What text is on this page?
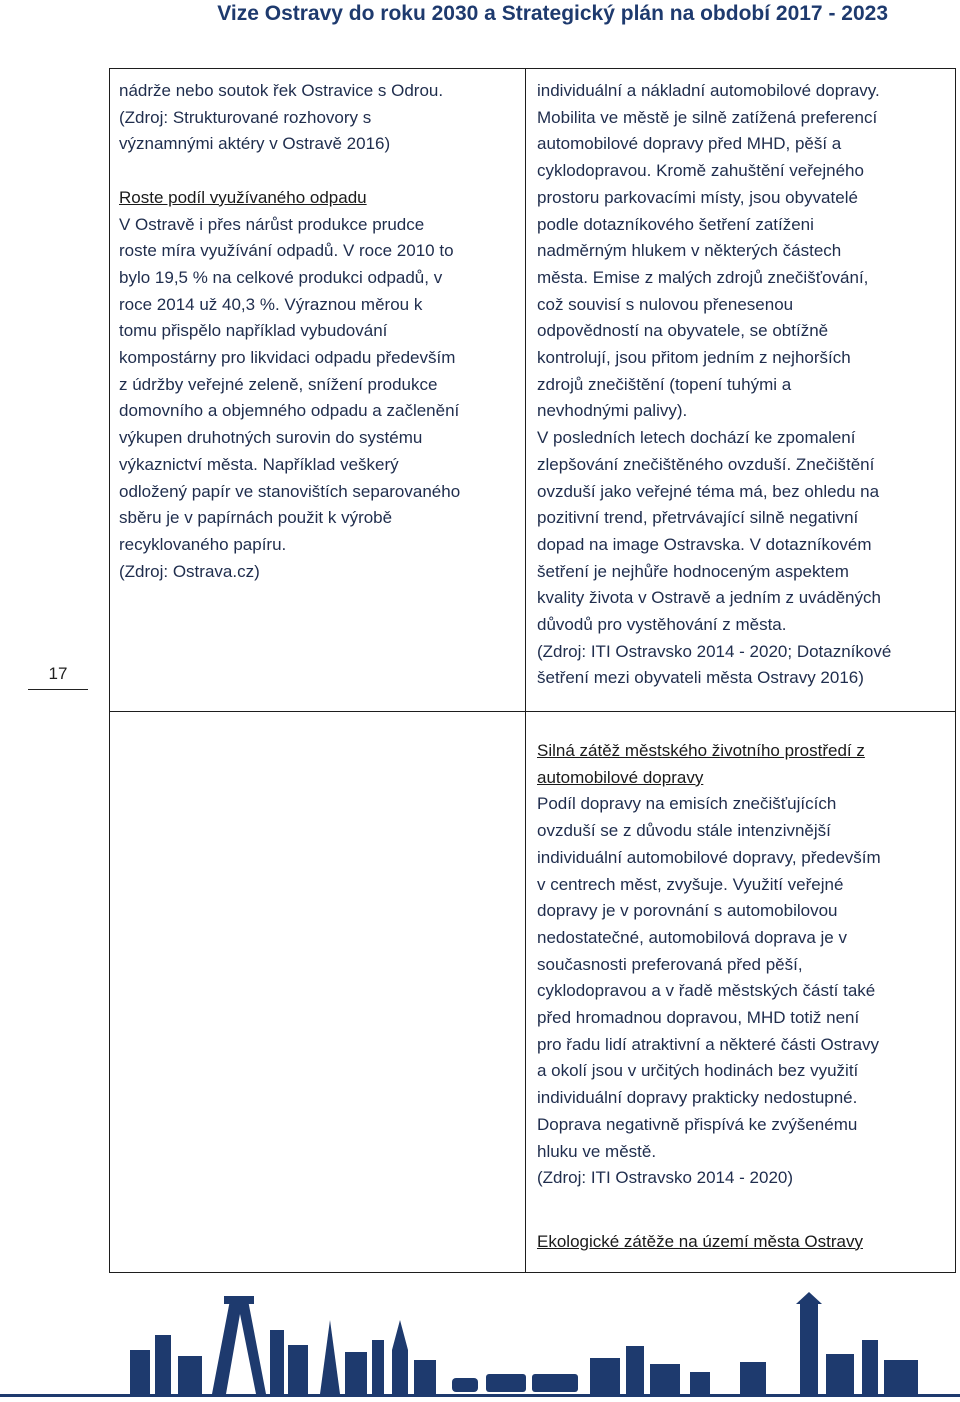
Vize Ostravy do roku 2030 a Strategický plán na období 2017 - 2023
17

nádrže nebo soutok řek Ostravice s Odrou.

(Zdroj: Strukturované rozhovory s

významnými aktéry v Ostravě 2016)

Roste podíl využívaného odpadu

V Ostravě i přes nárůst produkce prudce

roste míra využívání odpadů. V roce 2010 to

bylo 19,5 % na celkové produkci odpadů, v

roce 2014 už 40,3 %. Výraznou měrou k

tomu přispělo například vybudování

kompostárny pro likvidaci odpadu především

z údržby veřejné zeleně, snížení produkce

domovního a objemného odpadu a začlenění

výkupen druhotných surovin do systému

výkaznictví města. Například veškerý

odložený papír ve stanovištích separovaného

sběru je v papírnách použit k výrobě

recyklovaného papíru.

(Zdroj: Ostrava.cz)

individuální a nákladní automobilové dopravy.

Mobilita ve městě je silně zatížená preferencí

automobilové dopravy před MHD, pěší a

cyklodopravou. Kromě zahuštění veřejného

prostoru parkovacími místy, jsou obyvatelé

podle dotazníkového šetření zatíženi

nadměrným hlukem v některých částech

města. Emise z malých zdrojů znečišťování,

což souvisí s nulovou přenesenou

odpovědností na obyvatele, se obtížně

kontrolují, jsou přitom jedním z nejhorších

zdrojů znečištění (topení tuhými a

nevhodnými palivy).

V posledních letech dochází ke zpomalení

zlepšování znečištěného ovzduší. Znečištění

ovzduší jako veřejné téma má, bez ohledu na

pozitivní trend, přetrvávající silně negativní

dopad na image Ostravska. V dotazníkovém

šetření je nejhůře hodnoceným aspektem

kvality života v Ostravě a jedním z uváděných

důvodů pro vystěhování z města.

(Zdroj: ITI Ostravsko 2014 - 2020; Dotazníkové

šetření mezi obyvateli města Ostravy 2016)

Silná zátěž městského životního prostředí z

automobilové dopravy

Podíl dopravy na emisích znečišťujících

ovzduší se z důvodu stále intenzivnější

individuální automobilové dopravy, především

v centrech měst, zvyšuje. Využití veřejné

dopravy je v porovnání s automobilovou

nedostatečné, automobilová doprava je v

současnosti preferovaná před pěší,

cyklodopravou a v řadě městských částí také

před hromadnou dopravou, MHD totiž není

pro řadu lidí atraktivní a některé části Ostravy

a okolí jsou v určitých hodinách bez využití

individuální dopravy prakticky nedostupné.

Doprava negativně přispívá ke zvýšenému

hluku ve městě.

(Zdroj: ITI Ostravsko 2014 - 2020)

Ekologické zátěže na území města Ostravy
